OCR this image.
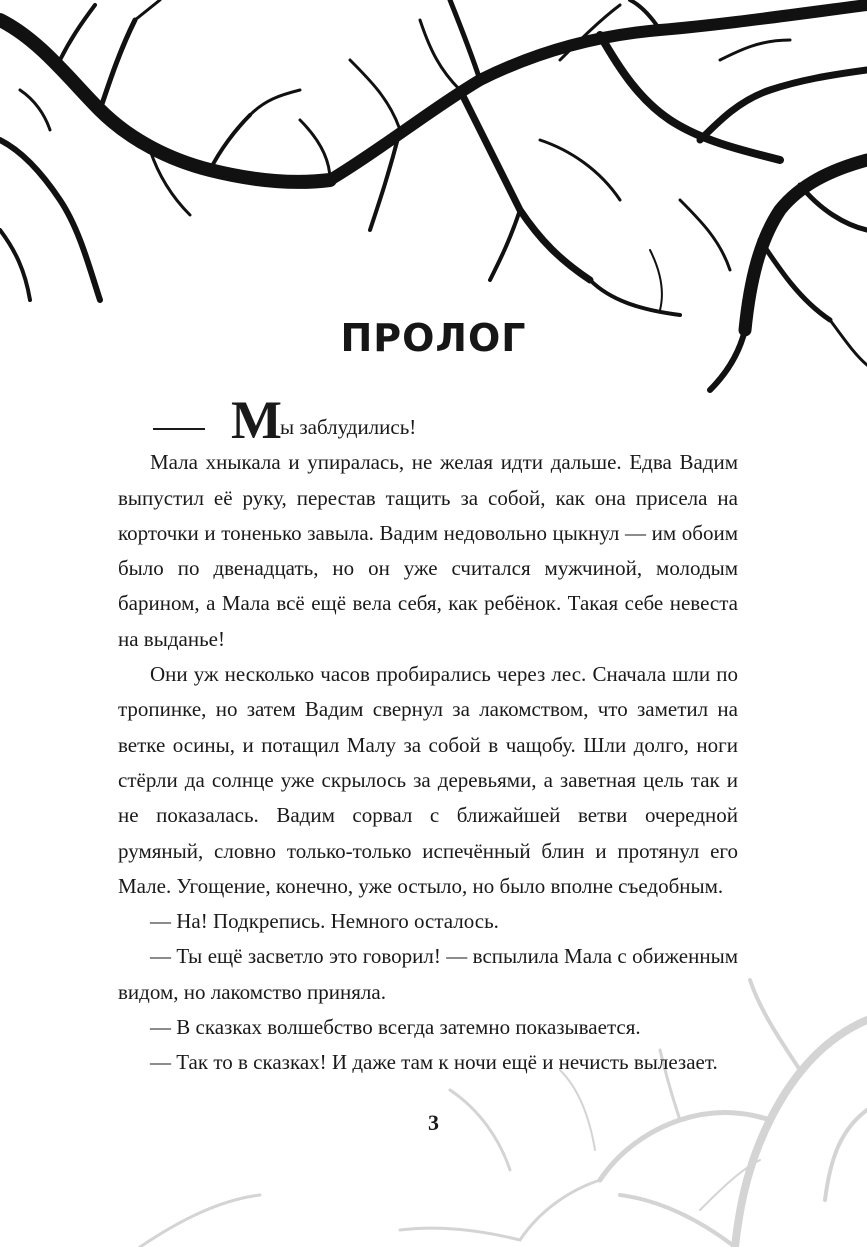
ПРОЛОГ

Мы заблудились!

Мала хныкала и упиралась, не желая идти дальше. Едва Вадим выпустил её руку, перестав тащить за собой, как она присела на корточки и тоненько завыла. Вадим недовольно цыкнул — им обоим было по двенадцать, но он уже считался мужчиной, молодым барином, а Мала всё ещё вела себя, как ребёнок. Такая себе невеста на выданье!

Они уж несколько часов пробирались через лес. Сначала шли по тропинке, но затем Вадим свернул за лакомством, что заметил на ветке осины, и потащил Малу за собой в чащобу. Шли долго, ноги стёрли да солнце уже скрылось за деревьями, а заветная цель так и не показалась. Вадим сорвал с ближайшей ветви очередной румяный, словно только-только испечённый блин и протянул его Мале. Угощение, конечно, уже остыло, но было вполне съедобным.

— На! Подкрепись. Немного осталось.

— Ты ещё засветло это говорил! — вспылила Мала с обиженным видом, но лакомство приняла.

— В сказках волшебство всегда затемно показывается.

— Так то в сказках! И даже там к ночи ещё и нечисть вылезает.

3
